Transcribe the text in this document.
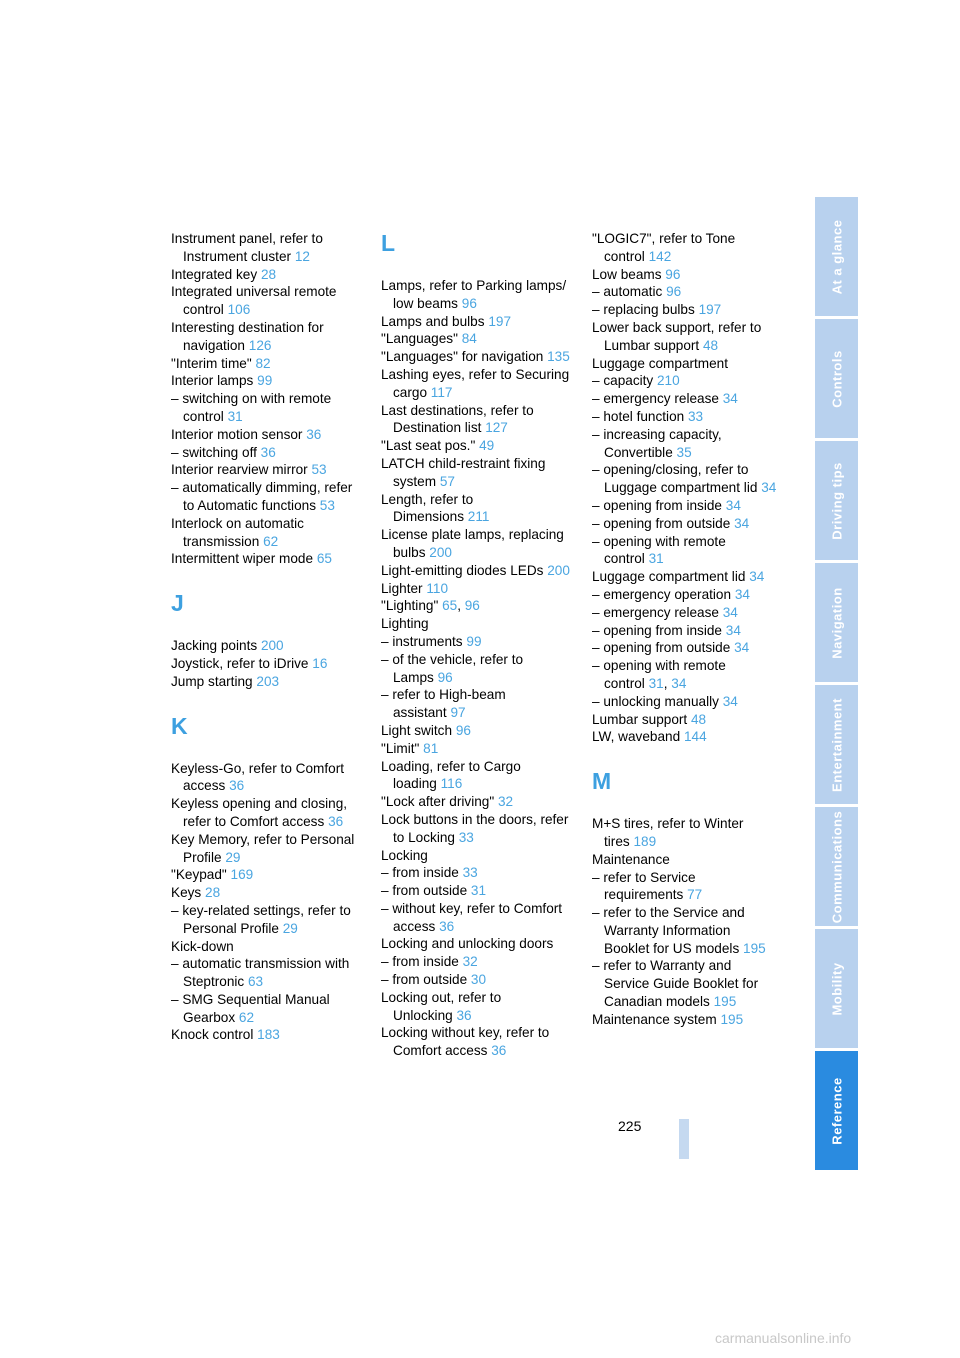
Instrument panel, refer to Instrument cluster 12

Integrated key 28

Integrated universal remote control 106

Interesting destination for navigation 126

"Interim time" 82

Interior lamps 99

– switching on with remote control 31

Interior motion sensor 36

– switching off 36

Interior rearview mirror 53

– automatically dimming, refer to Automatic functions 53

Interlock on automatic transmission 62

Intermittent wiper mode 65

J

Jacking points 200

Joystick, refer to iDrive 16

Jump starting 203

K

Keyless-Go, refer to Comfort access 36

Keyless opening and closing, refer to Comfort access 36

Key Memory, refer to Personal Profile 29

"Keypad" 169

Keys 28

– key-related settings, refer to Personal Profile 29

Kick-down

– automatic transmission with Steptronic 63

– SMG Sequential Manual Gearbox 62

Knock control 183

L

Lamps, refer to Parking lamps/ low beams 96

Lamps and bulbs 197

"Languages" 84

"Languages" for navigation 135

Lashing eyes, refer to Securing cargo 117

Last destinations, refer to Destination list 127

"Last seat pos." 49

LATCH child-restraint fixing system 57

Length, refer to Dimensions 211

License plate lamps, replacing bulbs 200

Light-emitting diodes LEDs 200

Lighter 110

"Lighting" 65, 96

Lighting

– instruments 99

– of the vehicle, refer to Lamps 96

– refer to High-beam assistant 97

Light switch 96

"Limit" 81

Loading, refer to Cargo loading 116

"Lock after driving" 32

Lock buttons in the doors, refer to Locking 33

Locking

– from inside 33

– from outside 31

– without key, refer to Comfort access 36

Locking and unlocking doors

– from inside 32

– from outside 30

Locking out, refer to Unlocking 36

Locking without key, refer to Comfort access 36

"LOGIC7", refer to Tone control 142

Low beams 96

– automatic 96

– replacing bulbs 197

Lower back support, refer to Lumbar support 48

Luggage compartment

– capacity 210

– emergency release 34

– hotel function 33

– increasing capacity, Convertible 35

– opening/closing, refer to Luggage compartment lid 34

– opening from inside 34

– opening from outside 34

– opening with remote control 31

Luggage compartment lid 34

– emergency operation 34

– emergency release 34

– opening from inside 34

– opening from outside 34

– opening with remote control 31, 34

– unlocking manually 34

Lumbar support 48

LW, waveband 144

M

M+S tires, refer to Winter tires 189

Maintenance

– refer to Service requirements 77

– refer to the Service and Warranty Information Booklet for US models 195

– refer to Warranty and Service Guide Booklet for Canadian models 195

Maintenance system 195

At a glance
Controls
Driving tips
Navigation
Entertainment
Communications
Mobility
Reference
225
carmanualsonline.info
